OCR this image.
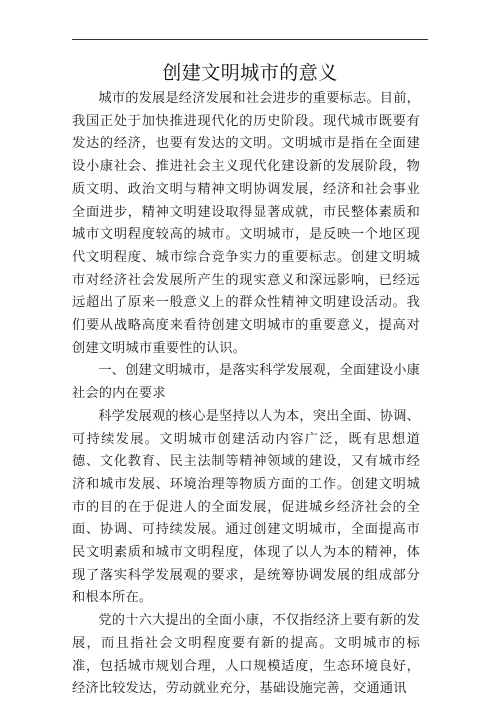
创建文明城市的意义

城市的发展是经济发展和社会进步的重要标志。目前，我国正处于加快推进现代化的历史阶段。现代城市既要有发达的经济，也要有发达的文明。文明城市是指在全面建设小康社会、推进社会主义现代化建设新的发展阶段，物质文明、政治文明与精神文明协调发展，经济和社会事业全面进步，精神文明建设取得显著成就，市民整体素质和城市文明程度较高的城市。文明城市，是反映一个地区现代文明程度、城市综合竞争实力的重要标志。创建文明城市对经济社会发展所产生的现实意义和深远影响，已经远远超出了原来一般意义上的群众性精神文明建设活动。我们要从战略高度来看待创建文明城市的重要意义，提高对创建文明城市重要性的认识。

一、创建文明城市，是落实科学发展观，全面建设小康社会的内在要求

科学发展观的核心是坚持以人为本，突出全面、协调、可持续发展。文明城市创建活动内容广泛，既有思想道德、文化教育、民主法制等精神领域的建设，又有城市经济和城市发展、环境治理等物质方面的工作。创建文明城市的目的在于促进人的全面发展，促进城乡经济社会的全面、协调、可持续发展。通过创建文明城市，全面提高市民文明素质和城市文明程度，体现了以人为本的精神，体现了落实科学发展观的要求，是统筹协调发展的组成部分和根本所在。

党的十六大提出的全面小康，不仅指经济上要有新的发展，而且指社会文明程度要有新的提高。文明城市的标准，包括城市规划合理，人口规模适度，生态环境良好，经济比较发达，劳动就业充分，基础设施完善，交通通讯
